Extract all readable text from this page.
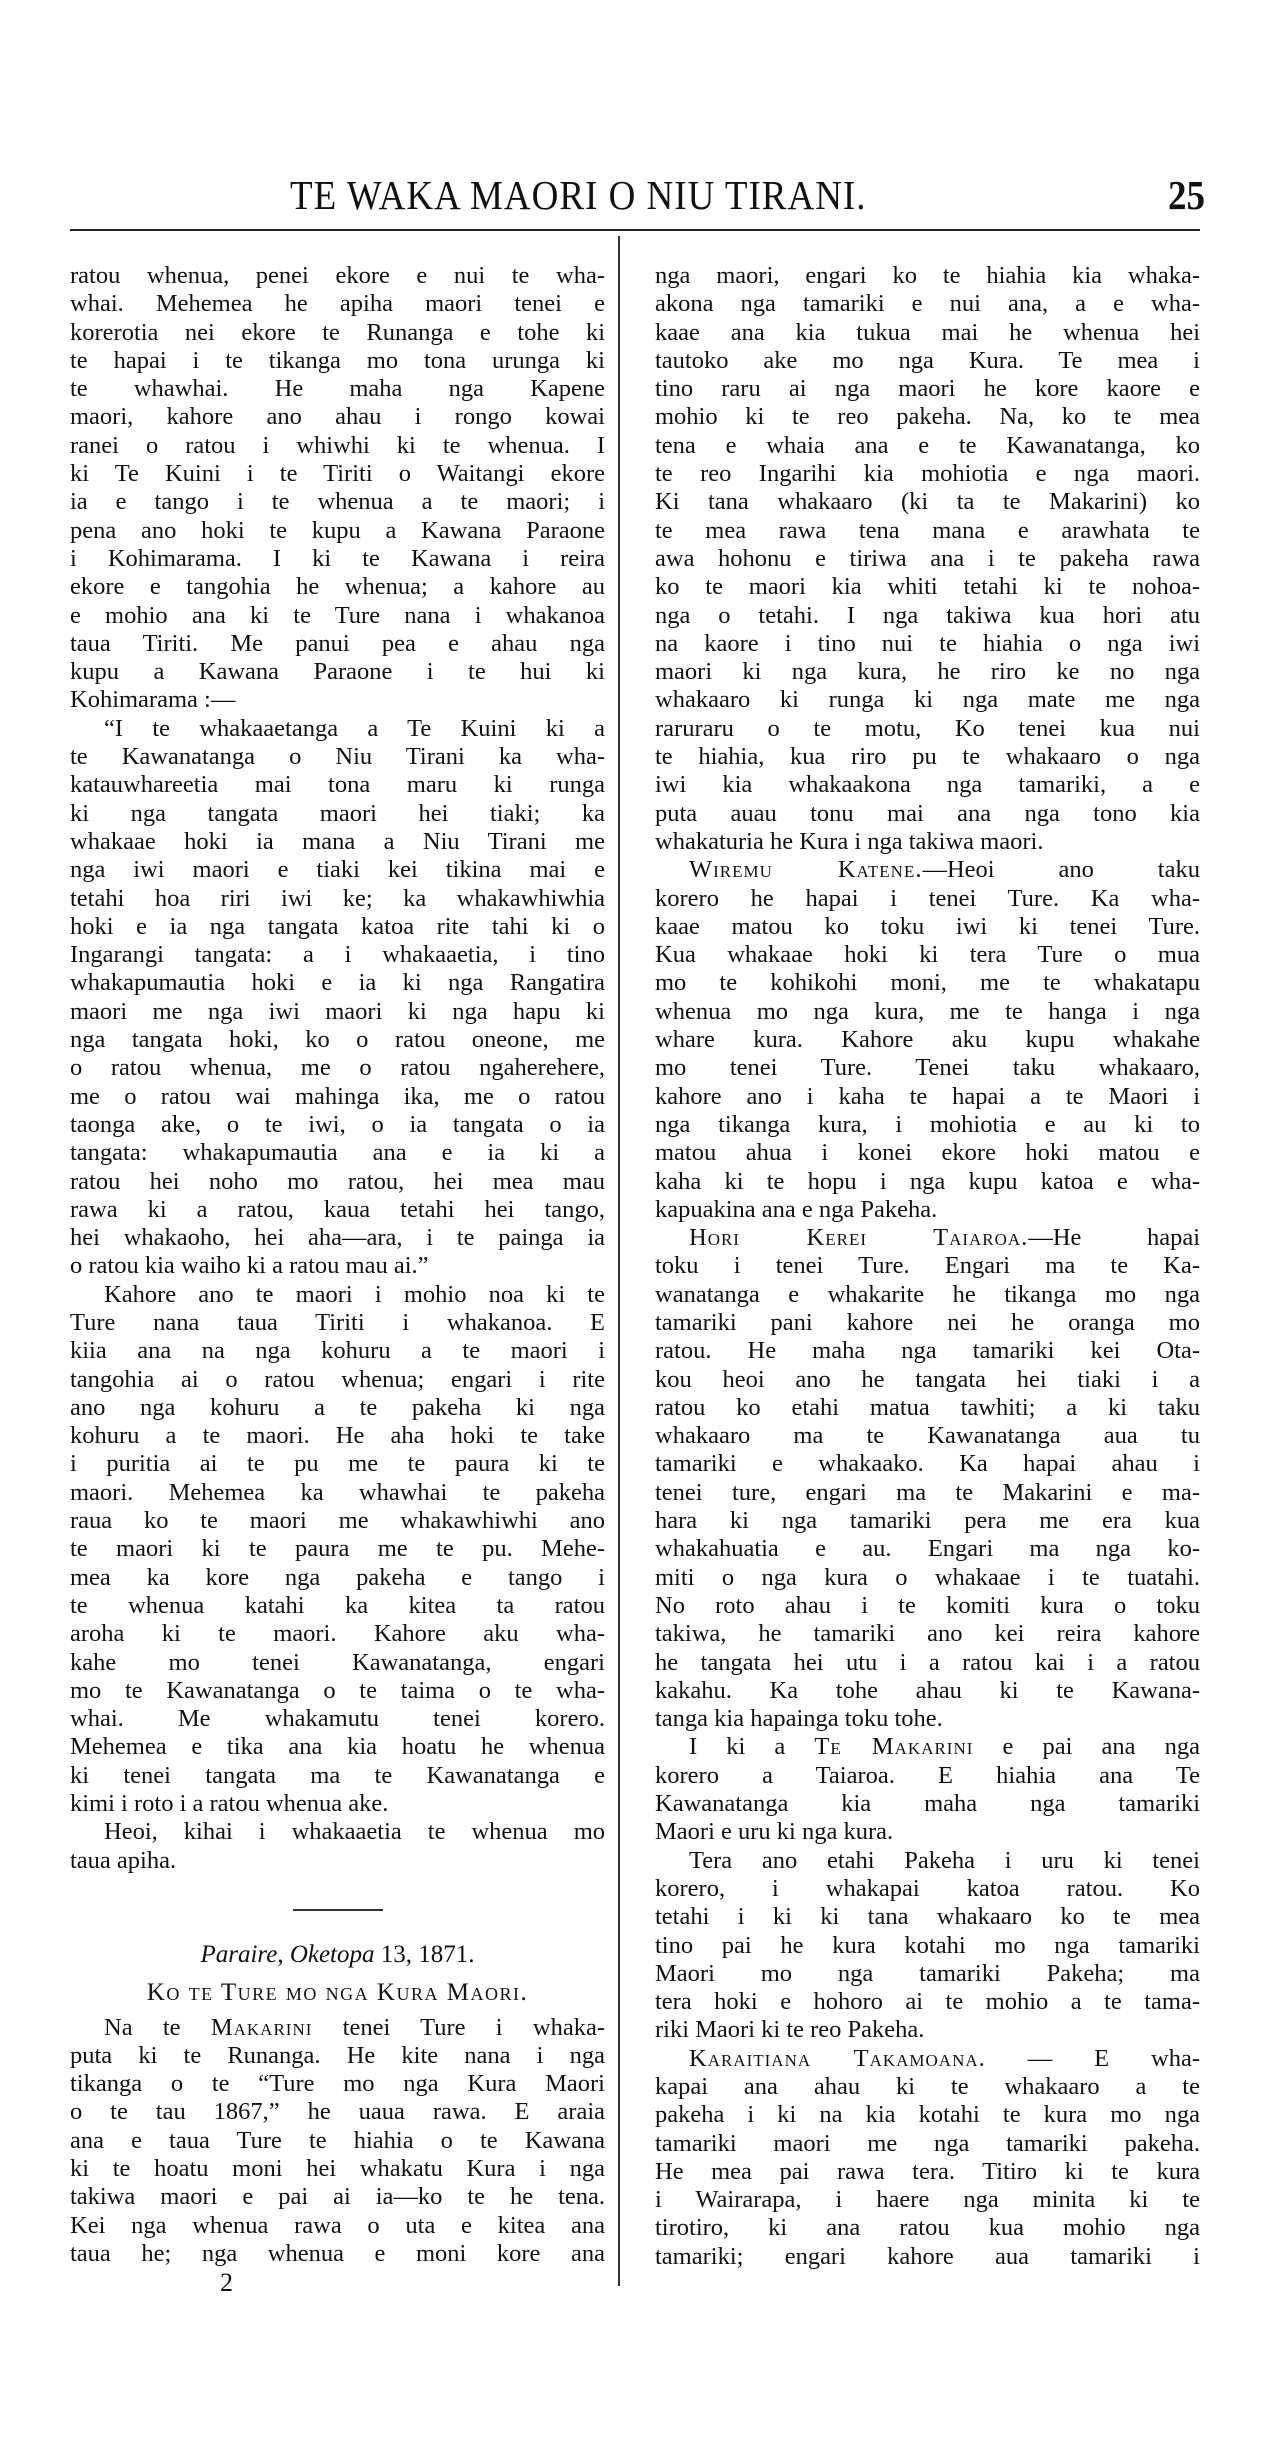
TE WAKA MAORI O NIU TIRANI.	25
ratou whenua, penei ekore e nui te wha-
whai. Mehemea he apiha maori tenei e
korerotia nei ekore te Runanga e tohe ki
te hapai i te tikanga mo tona urunga ki
te whawhai. He maha nga Kapene
maori, kahore ano ahau i rongo kowai
ranei o ratou i whiwhi ki te whenua. I
ki Te Kuini i te Tiriti o Waitangi ekore
ia e tango i te whenua a te maori; i
pena ano hoki te kupu a Kawana Paraone
i Kohimarama. I ki te Kawana i reira
ekore e tangohia he whenua; a kahore au
e mohio ana ki te Ture nana i whakanoa
taua Tiriti. Me panui pea e ahau nga
kupu a Kawana Paraone i te hui ki
Kohimarama :—
“I te whakaaetanga a Te Kuini ki a
te Kawanatanga o Niu Tirani ka wha-
katauwhareetia mai tona maru ki runga
ki nga tangata maori hei tiaki; ka
whakaae hoki ia mana a Niu Tirani me
nga iwi maori e tiaki kei tikina mai e
tetahi hoa riri iwi ke; ka whakawhiwhia
hoki e ia nga tangata katoa rite tahi ki o
Ingarangi tangata: a i whakaaetia, i tino
whakapumautia hoki e ia ki nga Rangatira
maori me nga iwi maori ki nga hapu ki
nga tangata hoki, ko o ratou oneone, me
o ratou whenua, me o ratou ngaherehere,
me o ratou wai mahinga ika, me o ratou
taonga ake, o te iwi, o ia tangata o ia
tangata: whakapumautia ana e ia ki a
ratou hei noho mo ratou, hei mea mau
rawa ki a ratou, kaua tetahi hei tango,
hei whakaoho, hei aha—ara, i te painga ia
o ratou kia waiho ki a ratou mau ai.”
Kahore ano te maori i mohio noa ki te
Ture nana taua Tiriti i whakanoa. E
kiia ana na nga kohuru a te maori i
tangohia ai o ratou whenua; engari i rite
ano nga kohuru a te pakeha ki nga
kohuru a te maori. He aha hoki te take
i puritia ai te pu me te paura ki te
maori. Mehemea ka whawhai te pakeha
raua ko te maori me whakawhiwhi ano
te maori ki te paura me te pu. Mehe-
mea ka kore nga pakeha e tango i
te whenua katahi ka kitea ta ratou
aroha ki te maori. Kahore aku wha-
kahe mo tenei Kawanatanga, engari
mo te Kawanatanga o te taima o te wha-
whai. Me whakamutu tenei korero.
Mehemea e tika ana kia hoatu he whenua
ki tenei tangata ma te Kawanatanga e
kimi i roto i a ratou whenua ake.
Heoi, kihai i whakaaetia te whenua mo
taua apiha.
Paraire, Oketopa 13, 1871.
Ko te Ture mo nga Kura Maori.
Na te Makarini tenei Ture i whaka-
puta ki te Runanga. He kite nana i nga
tikanga o te “Ture mo nga Kura Maori
o te tau 1867,” he uaua rawa. E araia
ana e taua Ture te hiahia o te Kawana
ki te hoatu moni hei whakatu Kura i nga
takiwa maori e pai ai ia—ko te he tena.
Kei nga whenua rawa o uta e kitea ana
taua he; nga whenua e moni kore ana
2
nga maori, engari ko te hiahia kia whaka-
akona nga tamariki e nui ana, a e wha-
kaae ana kia tukua mai he whenua hei
tautoko ake mo nga Kura. Te mea i
tino raru ai nga maori he kore kaore e
mohio ki te reo pakeha. Na, ko te mea
tena e whaia ana e te Kawanatanga, ko
te reo Ingarihi kia mohiotia e nga maori.
Ki tana whakaaro (ki ta te Makarini) ko
te mea rawa tena mana e arawhata te
awa hohonu e tiriwa ana i te pakeha rawa
ko te maori kia whiti tetahi ki te nohoa-
nga o tetahi. I nga takiwa kua hori atu
na kaore i tino nui te hiahia o nga iwi
maori ki nga kura, he riro ke no nga
whakaaro ki runga ki nga mate me nga
raruraru o te motu, Ko tenei kua nui
te hiahia, kua riro pu te whakaaro o nga
iwi kia whakaakona nga tamariki, a e
puta auau tonu mai ana nga tono kia
whakaturia he Kura i nga takiwa maori.
Wiremu Katene.—Heoi ano taku
korero he hapai i tenei Ture. Ka wha-
kaae matou ko toku iwi ki tenei Ture.
Kua whakaae hoki ki tera Ture o mua
mo te kohikohi moni, me te whakatapu
whenua mo nga kura, me te hanga i nga
whare kura. Kahore aku kupu whakahe
mo tenei Ture. Tenei taku whakaaro,
kahore ano i kaha te hapai a te Maori i
nga tikanga kura, i mohiotia e au ki to
matou ahua i konei ekore hoki matou e
kaha ki te hopu i nga kupu katoa e wha-
kapuakina ana e nga Pakeha.
Hori Kerei Taiaroa.—He hapai
toku i tenei Ture. Engari ma te Ka-
wanatanga e whakarite he tikanga mo nga
tamariki pani kahore nei he oranga mo
ratou. He maha nga tamariki kei Ota-
kou heoi ano he tangata hei tiaki i a
ratou ko etahi matua tawhiti; a ki taku
whakaaro ma te Kawanatanga aua tu
tamariki e whakaako. Ka hapai ahau i
tenei ture, engari ma te Makarini e ma-
hara ki nga tamariki pera me era kua
whakahuatia e au. Engari ma nga ko-
miti o nga kura o whakaae i te tuatahi.
No roto ahau i te komiti kura o toku
takiwa, he tamariki ano kei reira kahore
he tangata hei utu i a ratou kai i a ratou
kakahu. Ka tohe ahau ki te Kawana-
tanga kia hapainga toku tohe.
I ki a Te Makarini e pai ana nga
korero a Taiaroa. E hiahia ana Te
Kawanatanga kia maha nga tamariki
Maori e uru ki nga kura.
Tera ano etahi Pakeha i uru ki tenei
korero, i whakapai katoa ratou. Ko
tetahi i ki ki tana whakaaro ko te mea
tino pai he kura kotahi mo nga tamariki
Maori mo nga tamariki Pakeha; ma
tera hoki e hohoro ai te mohio a te tama-
riki Maori ki te reo Pakeha.
Karaitiana Takamoana. — E wha-
kapai ana ahau ki te whakaaro a te
pakeha i ki na kia kotahi te kura mo nga
tamariki maori me nga tamariki pakeha.
He mea pai rawa tera. Titiro ki te kura
i Wairarapa, i haere nga minita ki te
tirotiro, ki ana ratou kua mohio nga
tamariki; engari kahore aua tamariki i
